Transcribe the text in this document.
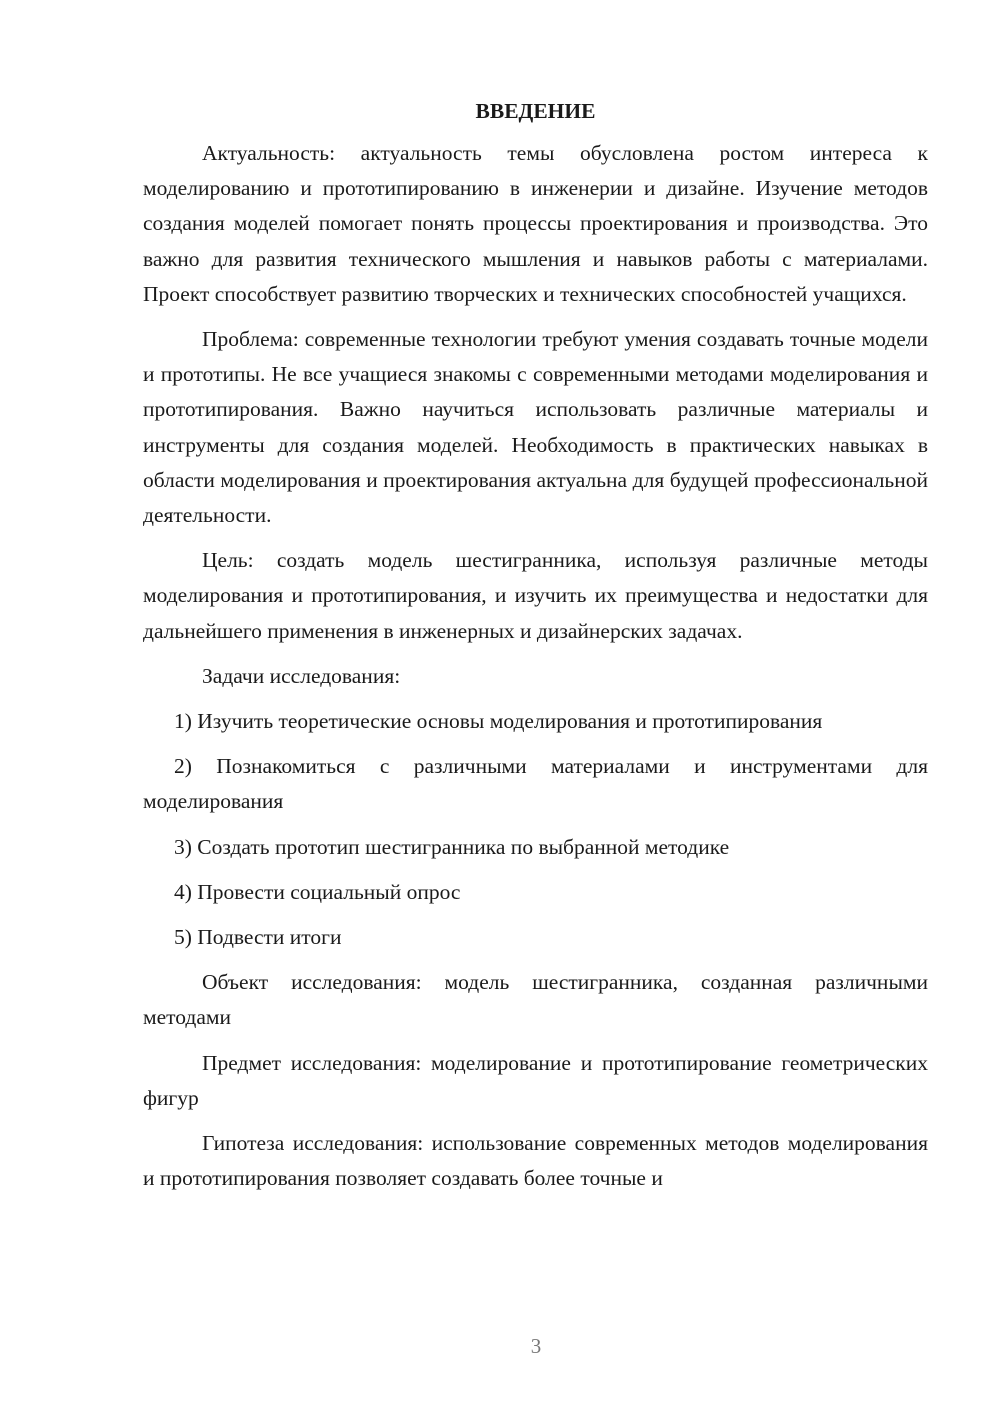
ВВЕДЕНИЕ

Актуальность: актуальность темы обусловлена ростом интереса к моделированию и прототипированию в инженерии и дизайне. Изучение методов создания моделей помогает понять процессы проектирования и производства. Это важно для развития технического мышления и навыков работы с материалами. Проект способствует развитию творческих и технических способностей учащихся.

Проблема: современные технологии требуют умения создавать точные модели и прототипы. Не все учащиеся знакомы с современными методами моделирования и прототипирования. Важно научиться использовать различные материалы и инструменты для создания моделей. Необходимость в практических навыках в области моделирования и проектирования актуальна для будущей профессиональной деятельности.

Цель: создать модель шестигранника, используя различные методы моделирования и прототипирования, и изучить их преимущества и недостатки для дальнейшего применения в инженерных и дизайнерских задачах.

Задачи исследования:

1) Изучить теоретические основы моделирования и прототипирования

2) Познакомиться с различными материалами и инструментами для моделирования

3) Создать прототип шестигранника по выбранной методике

4) Провести социальный опрос

5) Подвести итоги

Объект исследования: модель шестигранника, созданная различными методами

Предмет исследования: моделирование и прототипирование геометрических фигур

Гипотеза исследования: использование современных методов моделирования и прототипирования позволяет создавать более точные и

3
